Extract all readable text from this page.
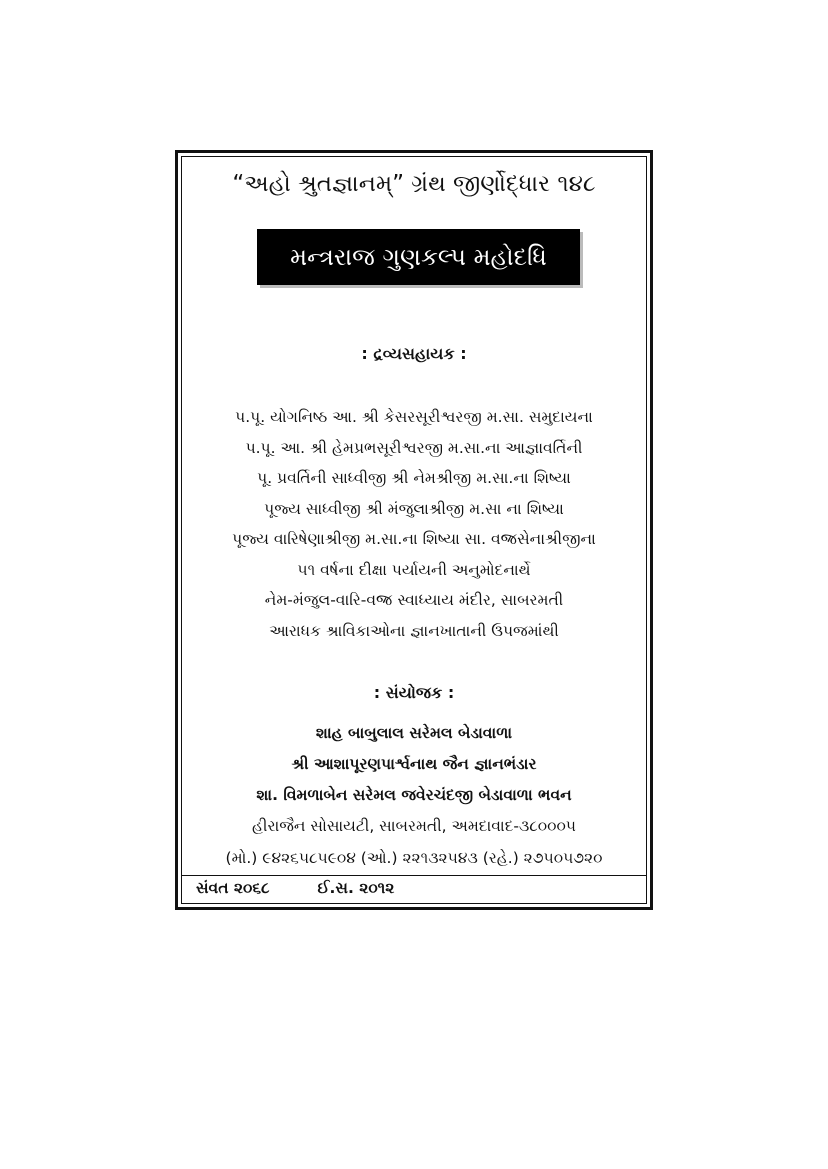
“અહો શ્રુતજ્ઞાનમ્” ગ્રંથ જીર્ણોદ્ધાર ૧૪૮
મન્ત્રરાજ ગુણકલ્પ મહોદધિ
: દ્રવ્યસહાયક :
પ.પૂ. યોગનિષ્ઠ આ. શ્રી કેસરસૂરીશ્વરજી મ.સા. સમુદાયના
પ.પૂ. આ. શ્રી હેમપ્રભસૂરીશ્વરજી મ.સા.ના આજ્ઞાવર્તિની
પૂ. પ્રવર્તિની સાધ્વીજી શ્રી નેમશ્રીજી મ.સા.ના શિષ્યા
પૂજ્ય સાધ્વીજી શ્રી મંજુલાશ્રીજી મ.સા ના શિષ્યા
પૂજ્ય વારિષેણાશ્રીજી મ.સા.ના શિષ્યા સા. વજ્રસેનાશ્રીજીના
૫૧ વર્ષના દીક્ષા પર્યાયની અનુમોદનાર્થે
નેમ-મંજુલ-વારિ-વજ્ર સ્વાધ્યાય મંદીર, સાબરમતી
આરાધક શ્રાવિકાઓના જ્ઞાનખાતાની ઉપજમાંથી
: સંયોજક :
શાહ બાબુલાલ સરેમલ બેડાવાળા
શ્રી આશાપૂરણપાર્શ્વનાથ જૈન જ્ઞાનભંડાર
શા. વિમળાબેન સરેમલ જવેરચંદજી બેડાવાળા ભવન
હીરાજૈન સોસાયટી, સાબરમતી, અમદાવાદ-૩૮૦૦૦૫
(મો.) ૯૪૨૬૫૮૫૯૦૪ (ઓ.) ૨૨૧૩૨૫૪૩ (રહે.) ૨૭૫૦૫૭૨૦
સંવત ૨૦૬૮	ઈ.સ. ૨૦૧૨
